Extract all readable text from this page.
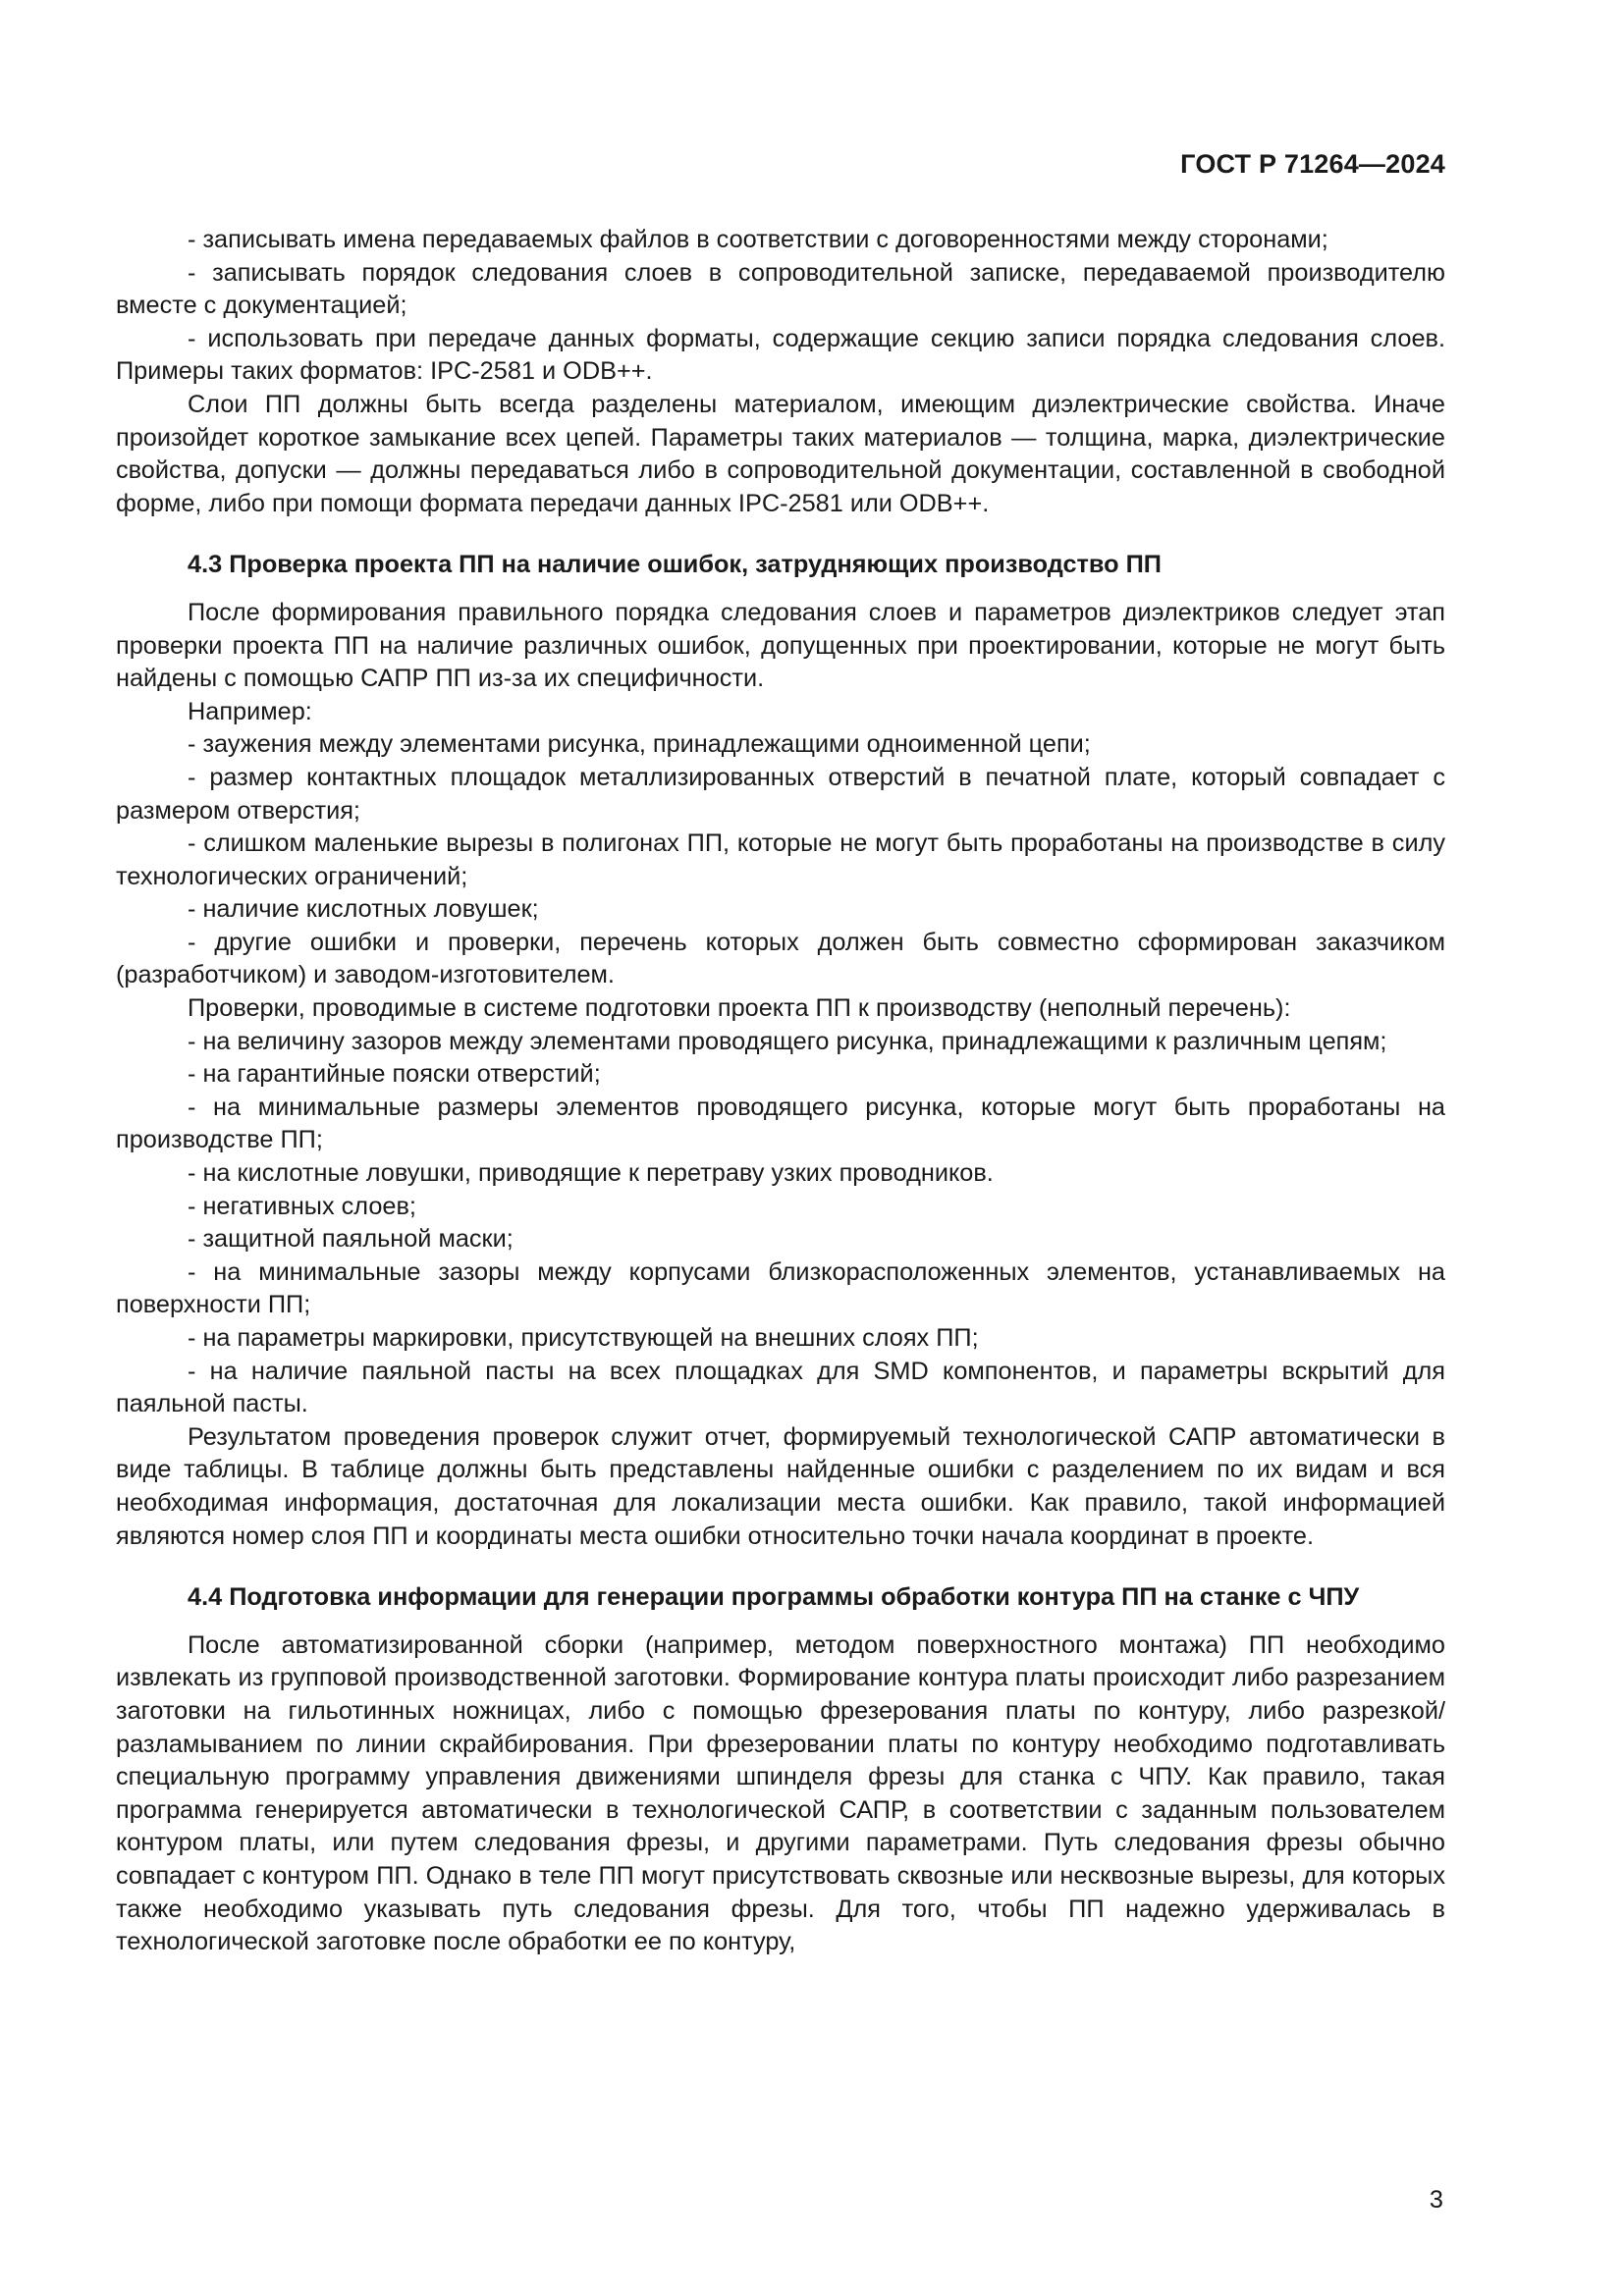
ГОСТ Р 71264—2024

- записывать имена передаваемых файлов в соответствии с договоренностями между сторонами;

- записывать порядок следования слоев в сопроводительной записке, передаваемой производителю вместе с документацией;

- использовать при передаче данных форматы, содержащие секцию записи порядка следования слоев. Примеры таких форматов: IPC-2581 и ODB++.

Слои ПП должны быть всегда разделены материалом, имеющим диэлектрические свойства. Иначе произойдет короткое замыкание всех цепей. Параметры таких материалов — толщина, марка, диэлектрические свойства, допуски — должны передаваться либо в сопроводительной документации, составленной в свободной форме, либо при помощи формата передачи данных IPC-2581 или ODB++.

4.3 Проверка проекта ПП на наличие ошибок, затрудняющих производство ПП

После формирования правильного порядка следования слоев и параметров диэлектриков следует этап проверки проекта ПП на наличие различных ошибок, допущенных при проектировании, которые не могут быть найдены с помощью САПР ПП из-за их специфичности.

Например:

- заужения между элементами рисунка, принадлежащими одноименной цепи;

- размер контактных площадок металлизированных отверстий в печатной плате, который совпадает с размером отверстия;

- слишком маленькие вырезы в полигонах ПП, которые не могут быть проработаны на производстве в силу технологических ограничений;

- наличие кислотных ловушек;

- другие ошибки и проверки, перечень которых должен быть совместно сформирован заказчиком (разработчиком) и заводом-изготовителем.

Проверки, проводимые в системе подготовки проекта ПП к производству (неполный перечень):

- на величину зазоров между элементами проводящего рисунка, принадлежащими к различным цепям;

- на гарантийные пояски отверстий;

- на минимальные размеры элементов проводящего рисунка, которые могут быть проработаны на производстве ПП;

- на кислотные ловушки, приводящие к перетраву узких проводников.

- негативных слоев;

- защитной паяльной маски;

- на минимальные зазоры между корпусами близкорасположенных элементов, устанавливаемых на поверхности ПП;

- на параметры маркировки, присутствующей на внешних слоях ПП;

- на наличие паяльной пасты на всех площадках для SMD компонентов, и параметры вскрытий для паяльной пасты.

Результатом проведения проверок служит отчет, формируемый технологической САПР автоматически в виде таблицы. В таблице должны быть представлены найденные ошибки с разделением по их видам и вся необходимая информация, достаточная для локализации места ошибки. Как правило, такой информацией являются номер слоя ПП и координаты места ошибки относительно точки начала координат в проекте.

4.4 Подготовка информации для генерации программы обработки контура ПП на станке с ЧПУ

После автоматизированной сборки (например, методом поверхностного монтажа) ПП необходимо извлекать из групповой производственной заготовки. Формирование контура платы происходит либо разрезанием заготовки на гильотинных ножницах, либо с помощью фрезерования платы по контуру, либо разрезкой/разламыванием по линии скрайбирования. При фрезеровании платы по контуру необходимо подготавливать специальную программу управления движениями шпинделя фрезы для станка с ЧПУ. Как правило, такая программа генерируется автоматически в технологической САПР, в соответствии с заданным пользователем контуром платы, или путем следования фрезы, и другими параметрами. Путь следования фрезы обычно совпадает с контуром ПП. Однако в теле ПП могут присутствовать сквозные или несквозные вырезы, для которых также необходимо указывать путь следования фрезы. Для того, чтобы ПП надежно удерживалась в технологической заготовке после обработки ее по контуру,

3
